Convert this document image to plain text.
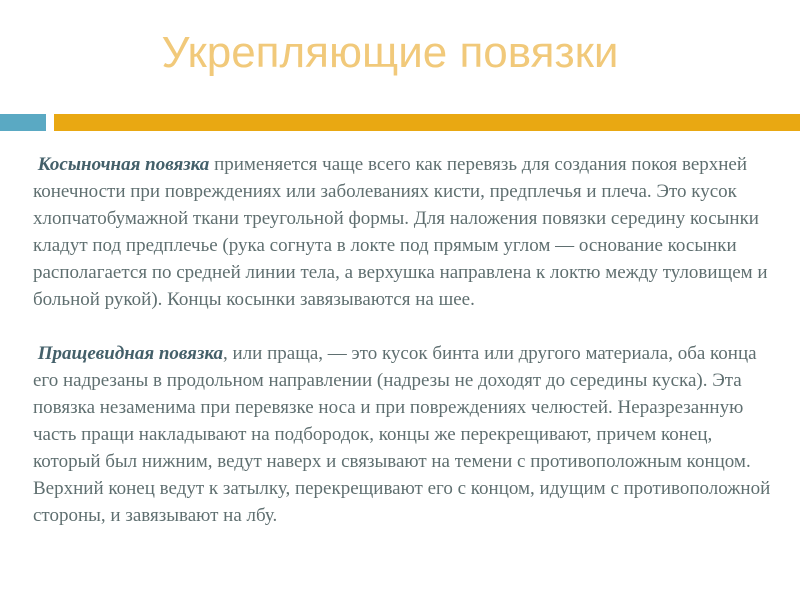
Укрепляющие повязки

Косыночная повязка применяется чаще всего как перевязь для создания покоя верхней конечности при повреждениях или заболеваниях кисти, предплечья и плеча. Это кусок хлопчатобумажной ткани треугольной формы. Для наложения повязки середину косынки кладут под предплечье (рука согнута в локте под прямым углом — основание косынки располагается по средней линии тела, а верхушка направлена к локтю между туловищем и больной рукой). Концы косынки завязываются на шее.

Пращевидная повязка, или праща, — это кусок бинта или другого материала, оба конца его надрезаны в продольном направлении (надрезы не доходят до середины куска). Эта повязка незаменима при перевязке носа и при повреждениях челюстей. Неразрезанную часть пращи накладывают на подбородок, концы же перекрещивают, причем конец, который был нижним, ведут наверх и связывают на темени с противоположным концом. Верхний конец ведут к затылку, перекрещивают его с концом, идущим с противоположной стороны, и завязывают на лбу.
